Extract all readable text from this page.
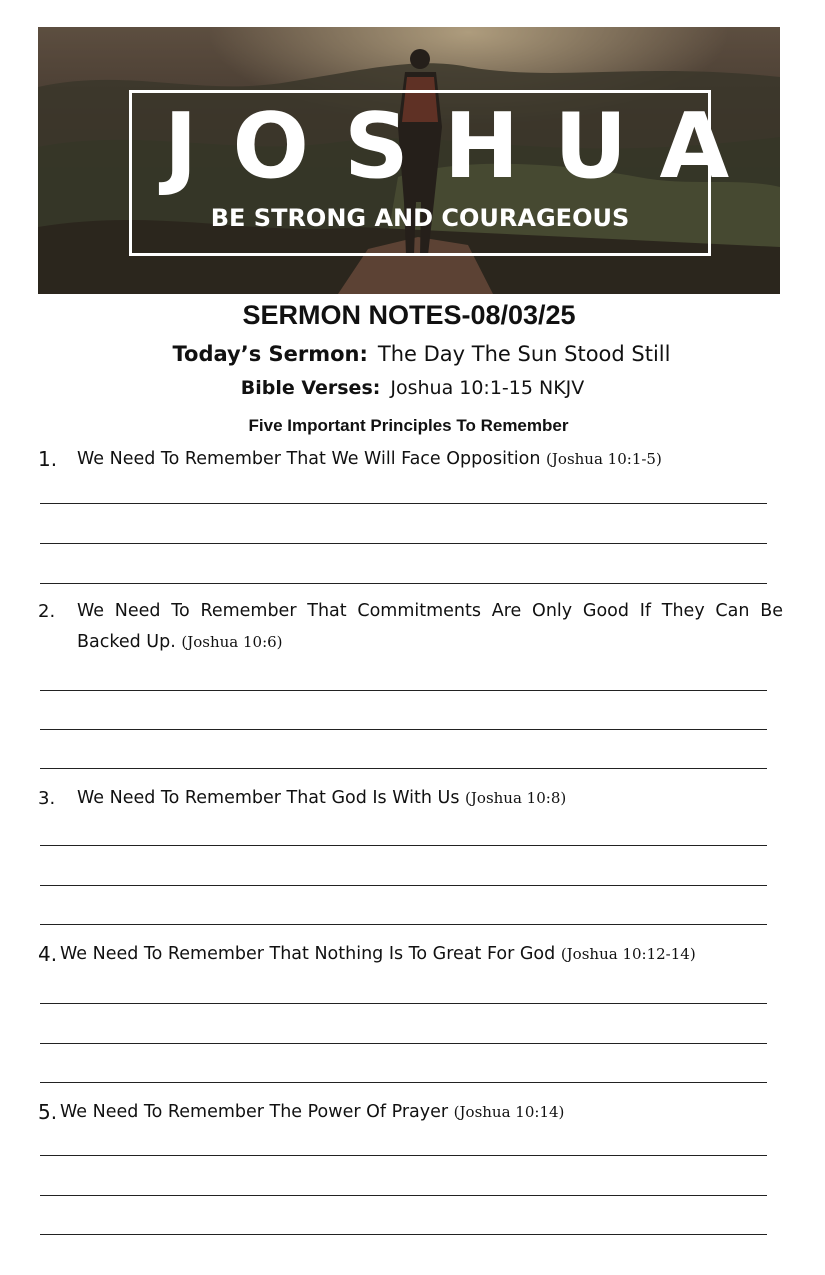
JOSHUA
BE STRONG AND COURAGEOUS
SERMON NOTES-08/03/25
Today’s Sermon: The Day The Sun Stood Still
Bible Verses: Joshua 10:1-15 NKJV
Five Important Principles To Remember
1.	We Need To Remember That We Will Face Opposition (Joshua 10:1-5)
2.	We Need To Remember That Commitments Are Only Good If They Can Be Backed Up. (Joshua 10:6)
3.	We Need To Remember That God Is With Us (Joshua 10:8)
4. We Need To Remember That Nothing Is To Great For God (Joshua 10:12-14)
5. We Need To Remember The Power Of Prayer (Joshua 10:14)
